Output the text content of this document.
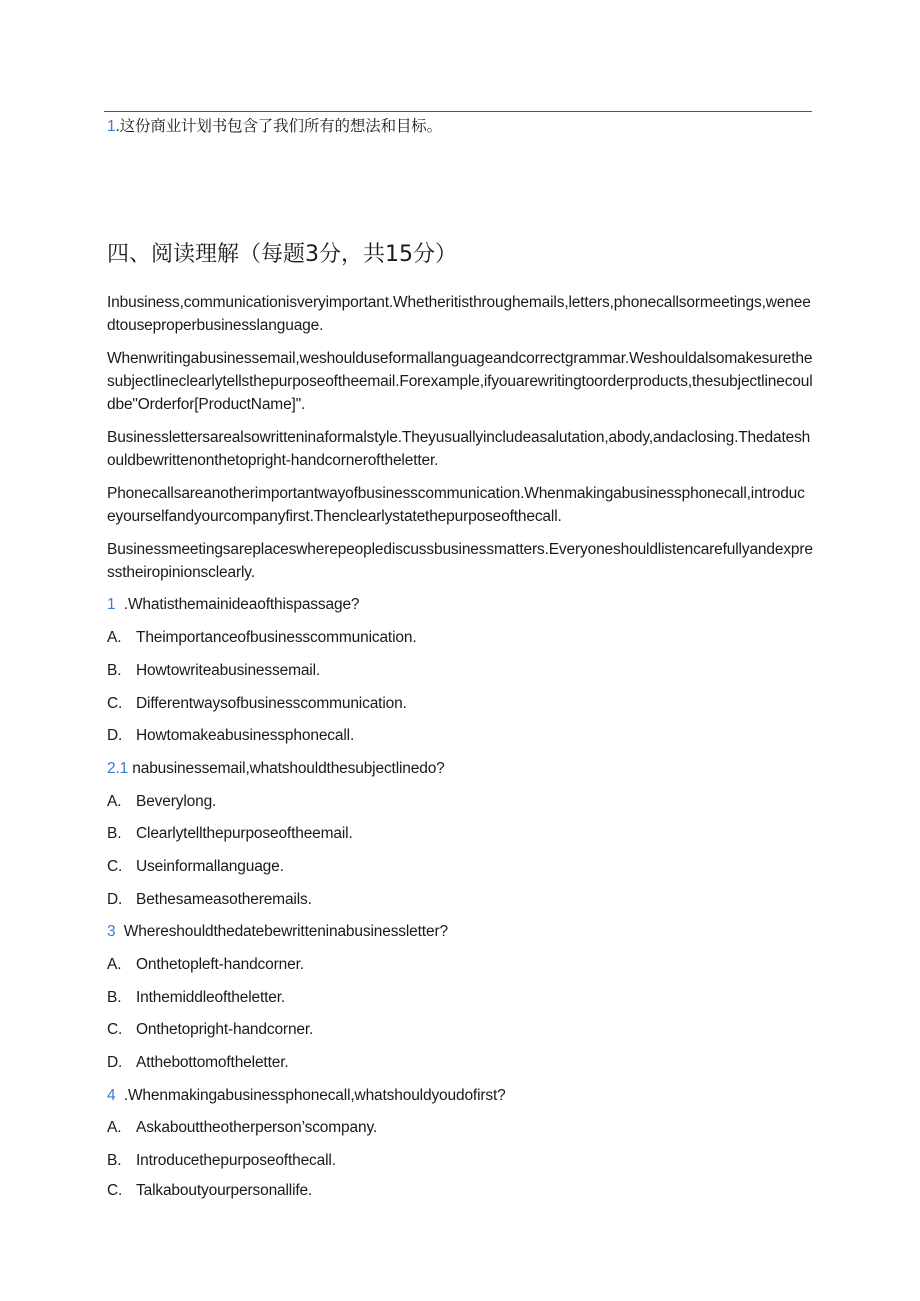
1.这份商业计划书包含了我们所有的想法和目标。
四、阅读理解（每题3分，共15分）
Inbusiness,communicationisveryimportant.Whetheritisthroughemails,letters,phonecallsormeetings,weneedtouseproperbusinesslanguage.
Whenwritingabusinessemail,weshoulduseformallanguageandcorrectgrammar.Weshouldalsomakesurethesubjectlineclearlytellsthepurposeoftheemail.Forexample,ifyouarewritingtoorderproducts,thesubjectlinecouldbe"Orderfor[ProductName]".
Businesslettersarealsowritteninaformalstyle.Theyusuallyincludeasalutation,abody,andaclosing.Thedateshouldbewrittenonthetopright-handcorneroftheletter.
Phonecallsareanotherimportantwayofbusinesscommunication.Whenmakingabusinessphonecall,introduceyourselfandyourcompanyfirst.Thenclearlystatethepurposeofthecall.
Businessmeetingsareplaceswherepeoplediscussbusinessmatters.Everyoneshouldlistencarefullyandexpresstheiropinionsclearly.
1  .Whatisthemainideaofthispassage?
A. Theimportanceofbusinesscommunication.
B. Howtowriteabusinessemail.
C. Differentwaysofbusinesscommunication.
D. Howtomakeabusinessphonecall.
2.1 nabusinessemail,whatshouldthesubjectlinedo?
A. Beverylong.
B. Clearlytellthepurposeoftheemail.
C. Useinformallanguage.
D. Bethesameasotheremails.
3  Whereshouldthedatebewritteninabusinessletter?
A. Onthetopleft-handcorner.
B. Inthemiddleoftheletter.
C. Onthetopright-handcorner.
D. Atthebottomoftheletter.
4  .Whenmakingabusinessphonecall,whatshouldyoudofirst?
A. Askabouttheotherperson’scompany.
B. Introducethepurposeofthecall.
C. Talkaboutyourpersonallife.
